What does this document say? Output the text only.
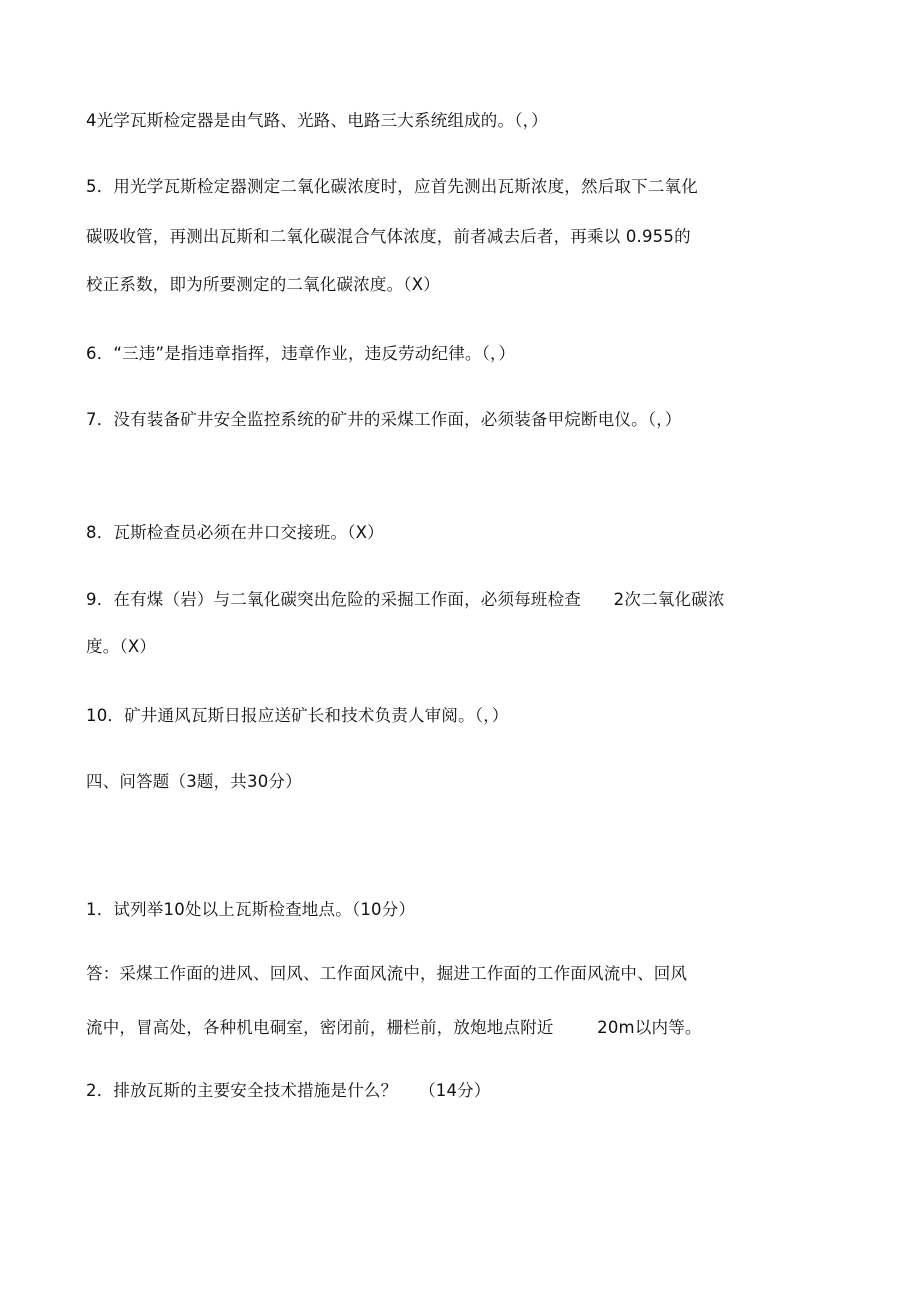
4光学瓦斯检定器是由气路、光路、电路三大系统组成的。（，）
5．用光学瓦斯检定器测定二氧化碳浓度时，应首先测出瓦斯浓度，然后取下二氧化
碳吸收管，再测出瓦斯和二氧化碳混合气体浓度，前者减去后者，再乘以 0.955的
校正系数，即为所要测定的二氧化碳浓度。（X）
6．“三违”是指违章指挥，违章作业，违反劳动纪律。（，）
7．没有装备矿井安全监控系统的矿井的采煤工作面，必须装备甲烷断电仪。（，）
8．瓦斯检查员必须在井口交接班。（X）
9．在有煤（岩）与二氧化碳突出危险的采掘工作面，必须每班检查      2次二氧化碳浓
度。（X）
10．矿井通风瓦斯日报应送矿长和技术负责人审阅。（，）
四、问答题（3题，共30分）
1．试列举10处以上瓦斯检查地点。（10分）
答：采煤工作面的进风、回风、工作面风流中，掘进工作面的工作面风流中、回风
流中，冒高处，各种机电硐室，密闭前，栅栏前，放炮地点附近        20m以内等。
2．排放瓦斯的主要安全技术措施是什么？    （14分）
